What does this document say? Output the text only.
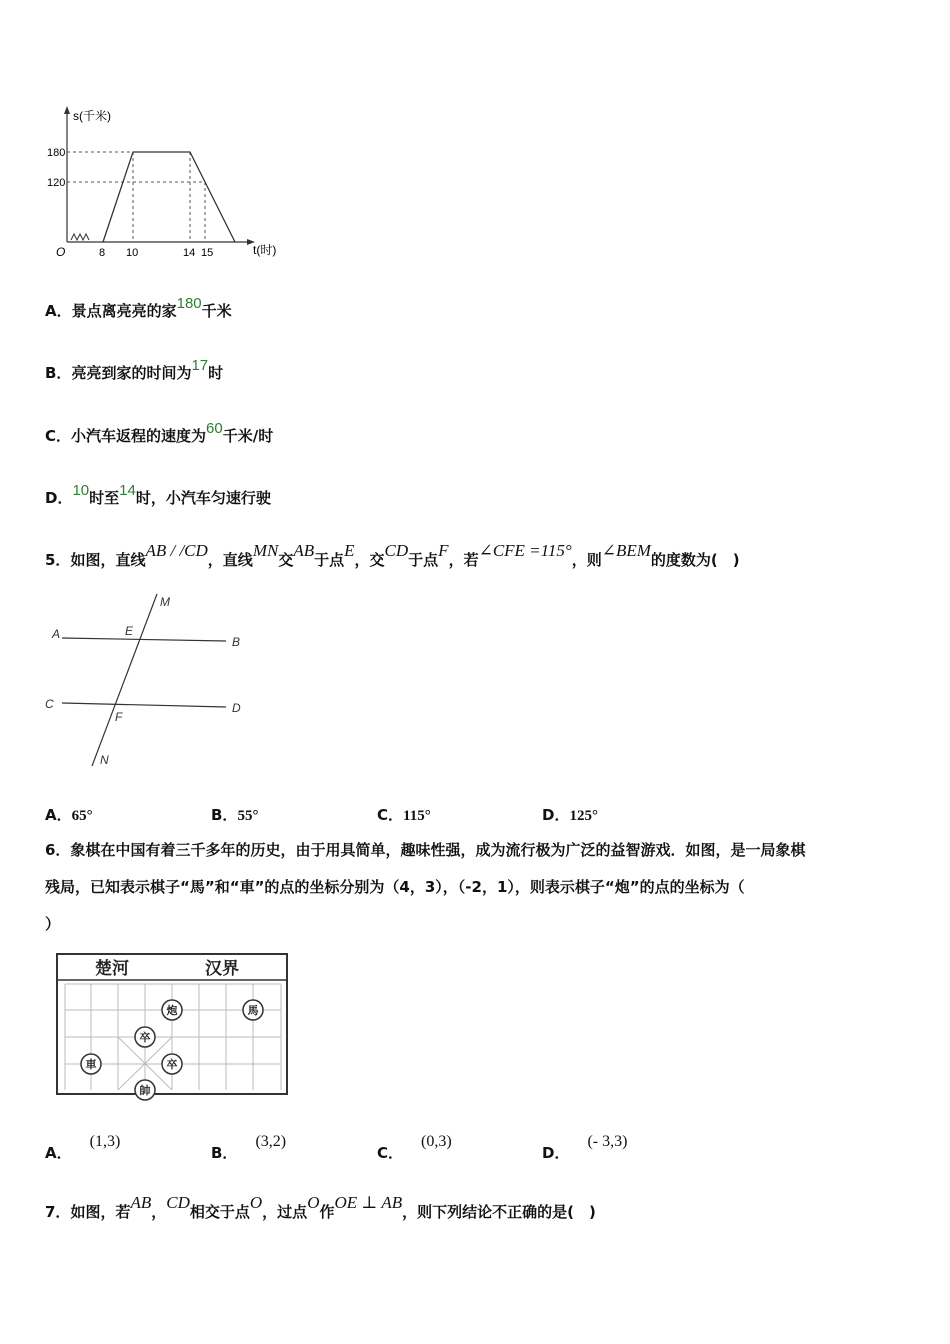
s(千米)
180
120
O	8 10	14 15	t(时)
A．景点离亮亮的家180千米
B．亮亮到家的时间为17时
C．小汽车返程的速度为60千米/时
D．10时至14时，小汽车匀速行驶
5．如图，直线AB / /CD，直线MN交AB于点E，交CD于点F，若∠CFE =115°，则∠BEM的度数为(　)
M
E
A
B
C
F
D
N
A．65°	B．55°	C．115°	D．125°
6．象棋在中国有着三千多年的历史，由于用具简单，趣味性强，成为流行极为广泛的益智游戏．如图，是一局象棋
残局，已知表示棋子“馬”和“車”的点的坐标分别为（4，3），（-2，1），则表示棋子“炮”的点的坐标为（
）
楚河	汉界
炮	馬
卒
車	卒
帥
A．(1,3)
B．(3,2)
C．(0,3)
D．(- 3,3)
7．如图，若AB，CD相交于点O，过点O作OE ⊥ AB，则下列结论不正确的是(　)
